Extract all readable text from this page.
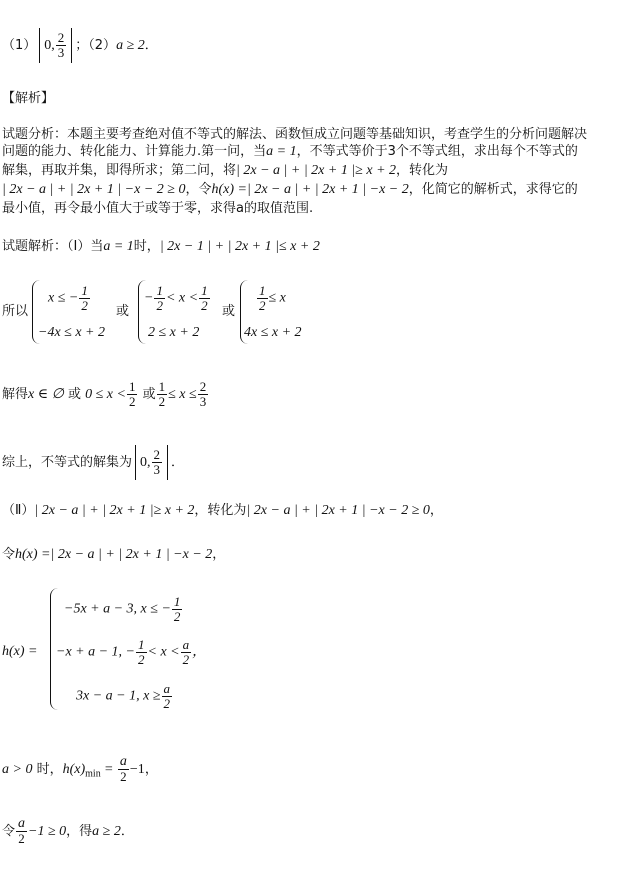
（1） 0, $\frac{2}{3}$ ；（2）a ≥ 2．
【解析】
试题分析：本题主要考查绝对值不等式的解法、函数恒成立问题等基础知识，考查学生的分析问题解决
问题的能力、转化能力、计算能力.第一问，当a = 1，不等式等价于3个不等式组，求出每个不等式的
解集，再取并集，即得所求；第二问，将| 2x − a | + | 2x + 1 |≥ x + 2，转化为
| 2x − a | + | 2x + 1 | −x − 2 ≥ 0，令h(x) =| 2x − a | + | 2x + 1 | −x − 2，化简它的解析式，求得它的
最小值，再令最小值大于或等于零，求得a的取值范围.
试题解析：（Ⅰ）当a = 1时，| 2x − 1 | + | 2x + 1 |≤ x + 2
所以
x ≤ − $\frac{1}{2}$
−4x ≤ x + 2
或
− $\frac{1}{2} < x < \frac{1}{2}$
2 ≤ x + 2
或 $\frac{1}{2} \le x$
4x ≤ x + 2
解得x ∈ ∅ 或 $0 \le x < \frac{1}{2}$ 或 $\frac{1}{2} \le x \le \frac{2}{3}$
综上，不等式的解集为 0, $\frac{2}{3}$ ．
（Ⅱ）| 2x − a | + | 2x + 1 |≥ x + 2，转化为| 2x − a | + | 2x + 1 | −x − 2 ≥ 0，
令h(x) =| 2x − a | + | 2x + 1 | −x − 2，
h(x) =
−5x + a − 3, x ≤ − $\frac{1}{2}$
−x + a − 1, − $\frac{1}{2} < x < \frac{a}{2}$ ，
3x − a − 1, $x \ge \frac{a}{2}$
a > 0 时，$h(x)_{min} = \frac{a}{2} -1$，
令 $\frac{a}{2} -1 \ge 0$，得a ≥ 2．
